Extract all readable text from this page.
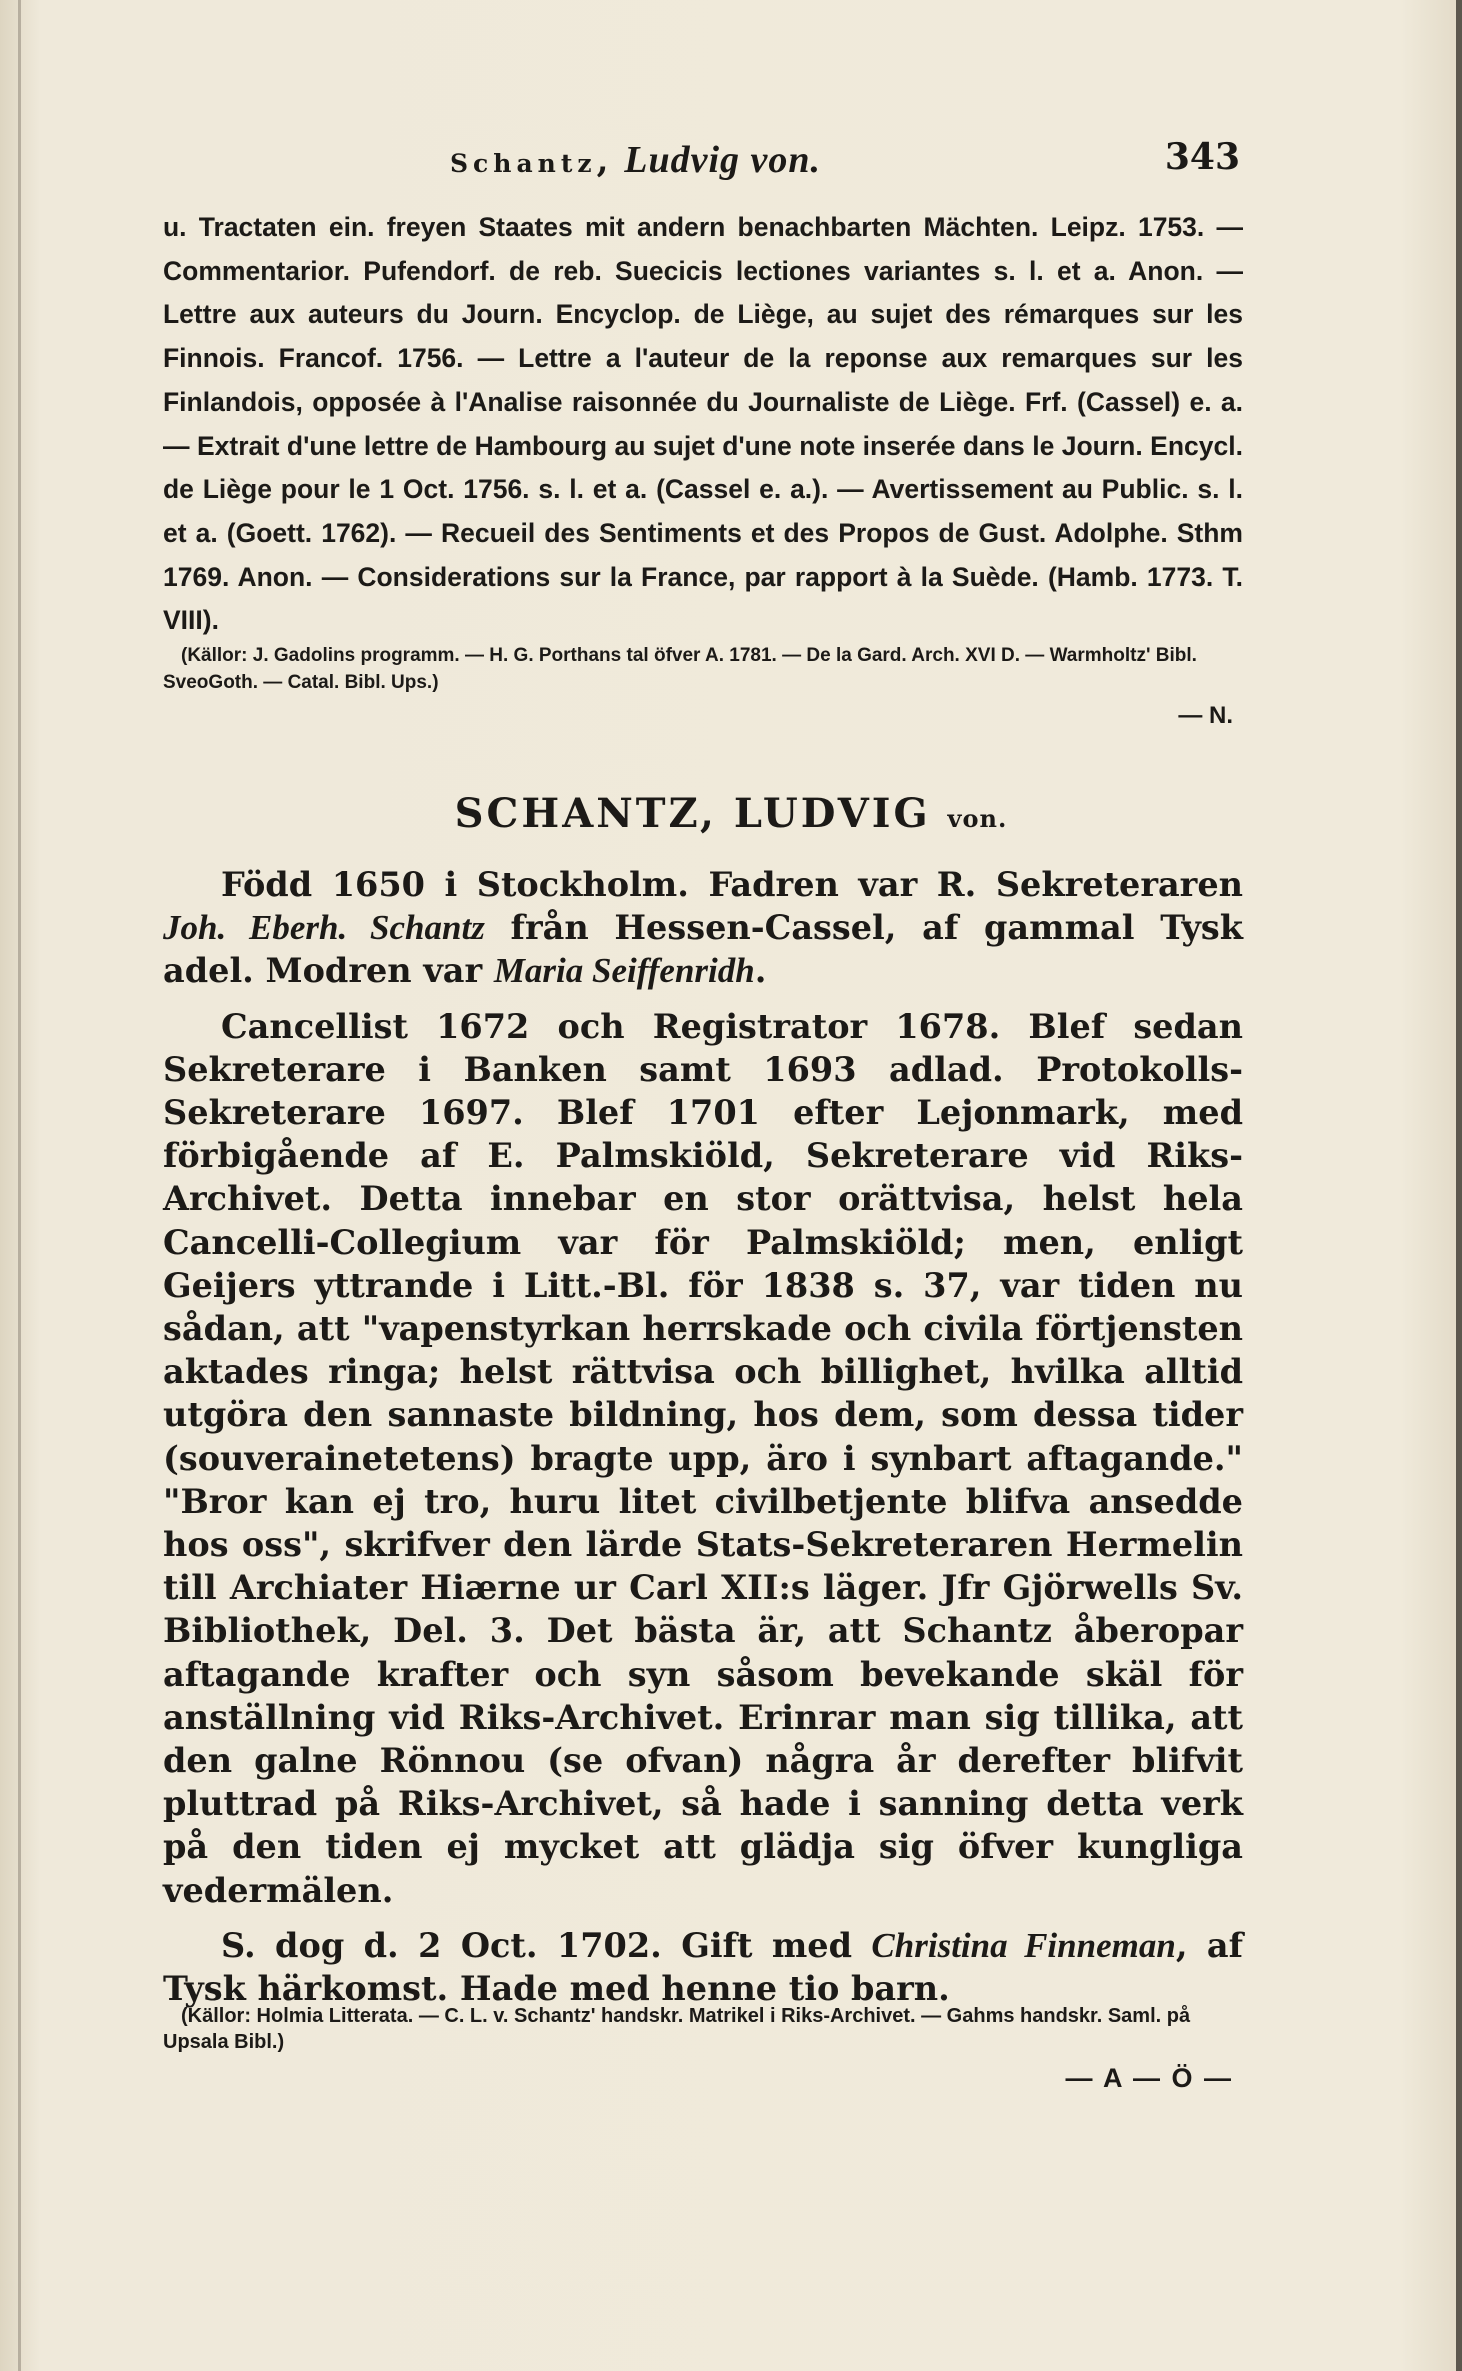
Schantz, Ludvig von.	343

u. Tractaten ein. freyen Staates mit andern benachbarten Mächten. Leipz. 1753. — Commentarior. Pufendorf. de reb. Suecicis lectiones variantes s. l. et a. Anon. — Lettre aux auteurs du Journ. Encyclop. de Liège, au sujet des rémarques sur les Finnois. Francof. 1756. — Lettre a l'auteur de la reponse aux remarques sur les Finlandois, opposée à l'Analise raisonnée du Journaliste de Liège. Frf. (Cassel) e. a. — Extrait d'une lettre de Hambourg au sujet d'une note inserée dans le Journ. Encycl. de Liège pour le 1 Oct. 1756. s. l. et a. (Cassel e. a.). — Avertissement au Public. s. l. et a. (Goett. 1762). — Recueil des Sentiments et des Propos de Gust. Adolphe. Sthm 1769. Anon. — Considerations sur la France, par rapport à la Suède. (Hamb. 1773. T. VIII).

(Källor: J. Gadolins programm. — H. G. Porthans tal öfver A. 1781. — De la Gard. Arch. XVI D. — Warmholtz' Bibl. SveoGoth. — Catal. Bibl. Ups.)

— N.

SCHANTZ, LUDVIG von.

Född 1650 i Stockholm. Fadren var R. Sekreteraren Joh. Eberh. Schantz från Hessen-Cassel, af gammal Tysk adel. Modren var Maria Seiffenridh.

Cancellist 1672 och Registrator 1678. Blef sedan Sekreterare i Banken samt 1693 adlad. Protokolls-Sekreterare 1697. Blef 1701 efter Lejonmark, med förbigående af E. Palmskiöld, Sekreterare vid Riks-Archivet. Detta innebar en stor orättvisa, helst hela Cancelli-Collegium var för Palmskiöld; men, enligt Geijers yttrande i Litt.-Bl. för 1838 s. 37, var tiden nu sådan, att "vapenstyrkan herrskade och civila förtjensten aktades ringa; helst rättvisa och billighet, hvilka alltid utgöra den sannaste bildning, hos dem, som dessa tider (souverainetetens) bragte upp, äro i synbart aftagande." "Bror kan ej tro, huru litet civilbetjente blifva ansedde hos oss", skrifver den lärde Stats-Sekreteraren Hermelin till Archiater Hiærne ur Carl XII:s läger. Jfr Gjörwells Sv. Bibliothek, Del. 3. Det bästa är, att Schantz åberopar aftagande krafter och syn såsom bevekande skäl för anställning vid Riks-Archivet. Erinrar man sig tillika, att den galne Rönnou (se ofvan) några år derefter blifvit pluttrad på Riks-Archivet, så hade i sanning detta verk på den tiden ej mycket att glädja sig öfver kungliga vedermälen.

S. dog d. 2 Oct. 1702. Gift med Christina Finneman, af Tysk härkomst. Hade med henne tio barn.

(Källor: Holmia Litterata. — C. L. v. Schantz' handskr. Matrikel i Riks-Archivet. — Gahms handskr. Saml. på Upsala Bibl.)

— A — Ö —
